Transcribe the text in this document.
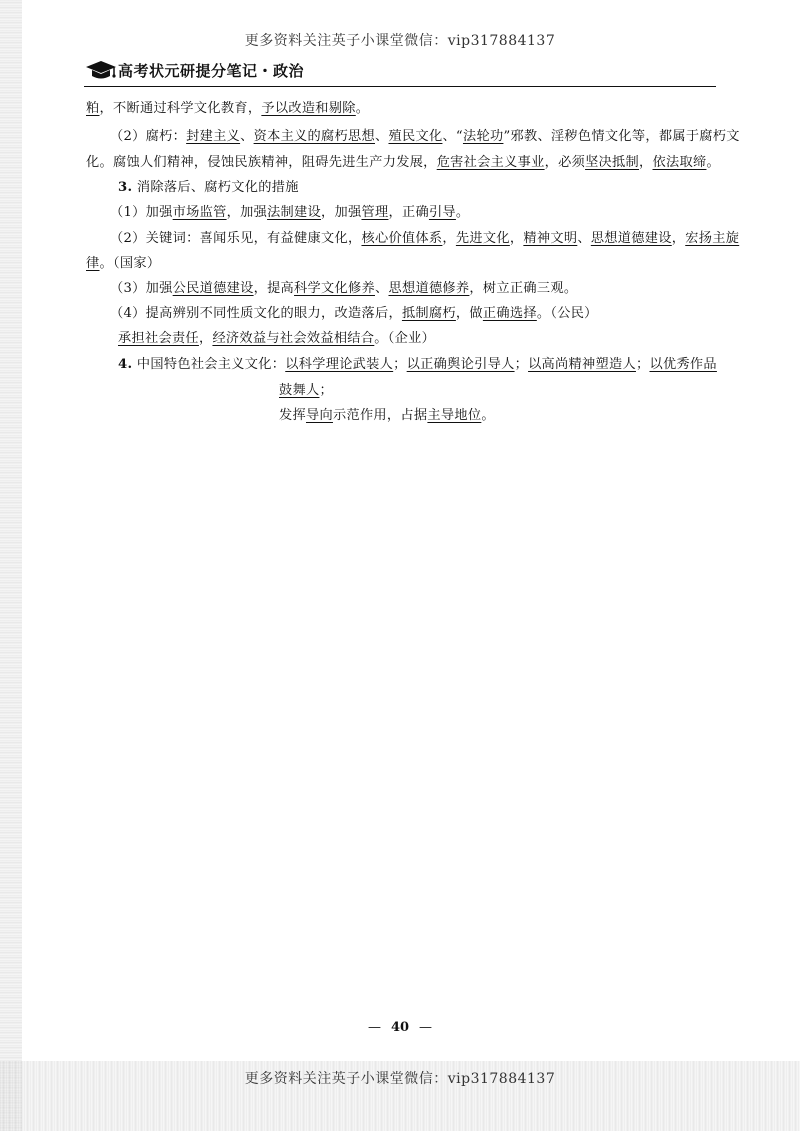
更多资料关注英子小课堂微信：vip317884137
高考状元研提分笔记・政治
粕，不断通过科学文化教育，予以改造和剔除。
（2）腐朽：封建主义、资本主义的腐朽思想、殖民文化、“法轮功”邪教、淫秽色情文化等，都属于腐朽文
化。腐蚀人们精神，侵蚀民族精神，阻碍先进生产力发展，危害社会主义事业，必须坚决抵制，依法取缔。
3. 消除落后、腐朽文化的措施
（1）加强市场监管，加强法制建设，加强管理，正确引导。
（2）关键词：喜闻乐见，有益健康文化，核心价值体系，先进文化，精神文明、思想道德建设，宏扬主旋
律。（国家）
（3）加强公民道德建设，提高科学文化修养、思想道德修养，树立正确三观。
（4）提高辨别不同性质文化的眼力，改造落后，抵制腐朽，做正确选择。（公民）
承担社会责任，经济效益与社会效益相结合。（企业）
4. 中国特色社会主义文化：以科学理论武装人；以正确舆论引导人；以高尚精神塑造人；以优秀作品
鼓舞人；
发挥导向示范作用，占据主导地位。
— 40 —
更多资料关注英子小课堂微信：vip317884137
